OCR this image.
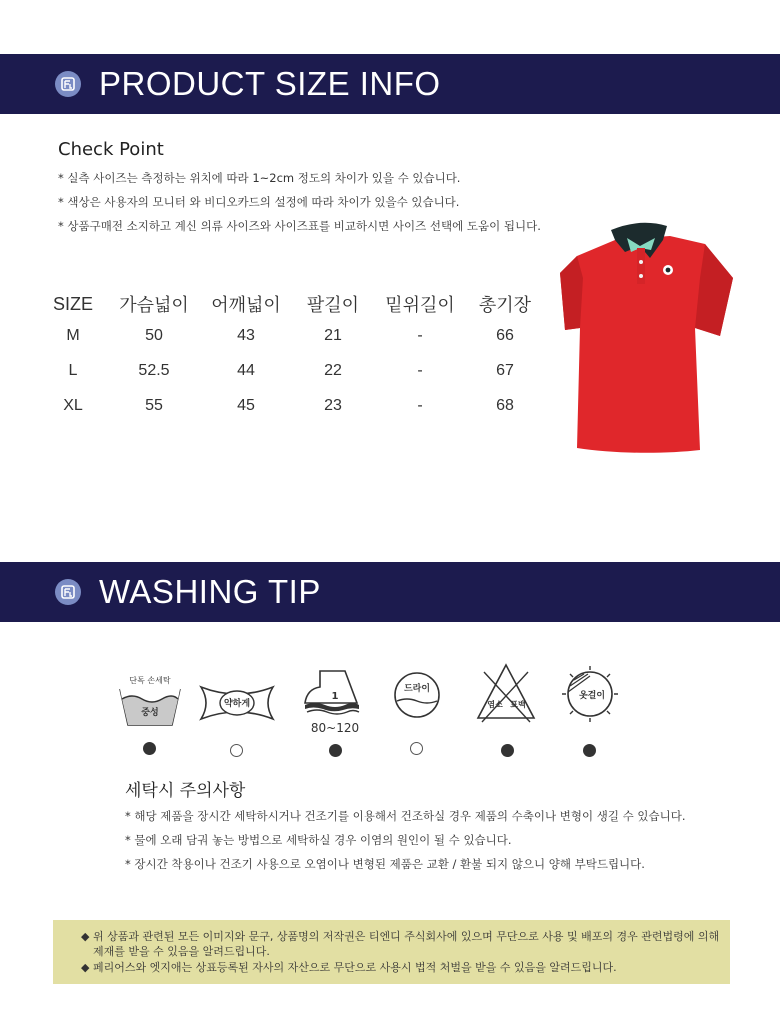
PRODUCT SIZE INFO
Check Point
* 실측 사이즈는 측정하는 위치에 따라 1~2cm 정도의 차이가 있을 수 있습니다.
* 색상은 사용자의 모니터 와 비디오카드의 설정에 따라 차이가 있을수 있습니다.
* 상품구매전 소지하고 계신 의류 사이즈와 사이즈표를 비교하시면 사이즈 선택에 도움이 됩니다.
SIZE	가슴넓이	어깨넓이	팔길이	밑위길이	총기장
M	50	43	21	-	66
L	52.5	44	22	-	67
XL	55	45	23	-	68
WASHING TIP
단독 손세탁
중성
약하게
1
80~120
드라이
염소 표백
옷걸이
세탁시 주의사항
* 해당 제품을 장시간 세탁하시거나 건조기를 이용해서 건조하실 경우 제품의 수축이나 변형이 생길 수 있습니다.
* 물에 오래 담궈 놓는 방법으로 세탁하실 경우 이염의 원인이 될 수 있습니다.
* 장시간 착용이나 건조기 사용으로 오염이나 변형된 제품은 교환 / 환불 되지 않으니 양해 부탁드립니다.
◆ 위 상품과 관련된 모든 이미지와 문구, 상품명의 저작권은 티엔디 주식회사에 있으며 무단으로 사용 및 배포의 경우 관련법령에 의해
제재를 받을 수 있음을 알려드립니다.
◆ 페리어스와 엣지애는 상표등록된 자사의 자산으로 무단으로 사용시 법적 처벌을 받을 수 있음을 알려드립니다.
